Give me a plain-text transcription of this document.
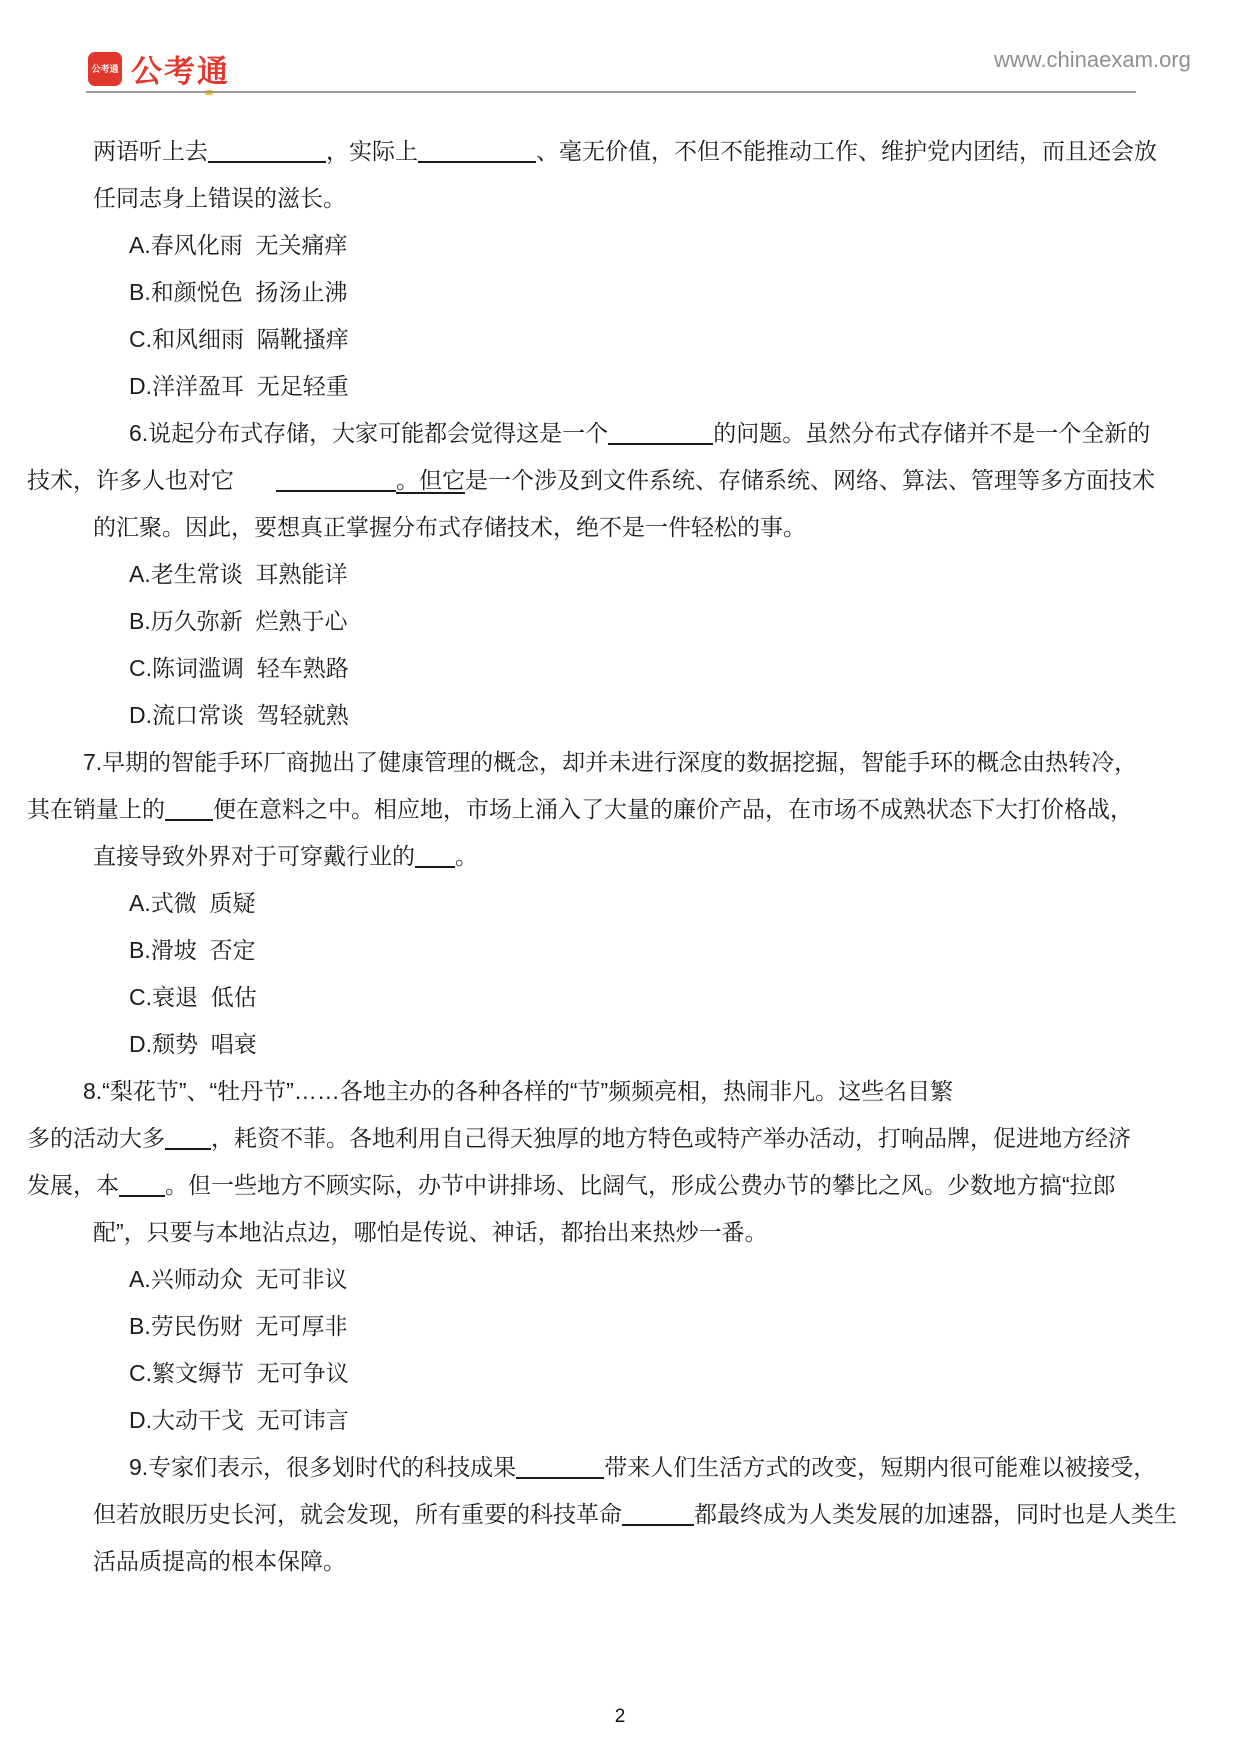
公考通 公考通	www.chinaexam.org
两语听上去	，实际上	、毫无价值，不但不能推动工作、维护党内团结，而且还会放
任同志身上错误的滋长。
A.春风化雨  无关痛痒
B.和颜悦色  扬汤止沸
C.和风细雨  隔靴搔痒
D.洋洋盈耳  无足轻重
6.说起分布式存储，大家可能都会觉得这是一个	的问题。虽然分布式存储并不是一个全新的
技术，许多人也对它	。但它是一个涉及到文件系统、存储系统、网络、算法、管理等多方面技术
的汇聚。因此，要想真正掌握分布式存储技术，绝不是一件轻松的事。
A.老生常谈  耳熟能详
B.历久弥新  烂熟于心
C.陈词滥调  轻车熟路
D.流口常谈  驾轻就熟
7.早期的智能手环厂商抛出了健康管理的概念，却并未进行深度的数据挖掘，智能手环的概念由热转冷，
其在销量上的 便在意料之中。相应地，市场上涌入了大量的廉价产品，在市场不成熟状态下大打价格战，
直接导致外界对于可穿戴行业的 。
A.式微  质疑
B.滑坡  否定
C.衰退  低估
D.颓势  唱衰
8.“梨花节”、“牡丹节”……各地主办的各种各样的“节”频频亮相，热闹非凡。这些名目繁
多的活动大多 ，耗资不菲。各地利用自己得天独厚的地方特色或特产举办活动，打响品牌，促进地方经济
发展，本 。但一些地方不顾实际，办节中讲排场、比阔气，形成公费办节的攀比之风。少数地方搞“拉郎
配”，只要与本地沾点边，哪怕是传说、神话，都抬出来热炒一番。
A.兴师动众  无可非议
B.劳民伤财  无可厚非
C.繁文缛节  无可争议
D.大动干戈  无可讳言
9.专家们表示，很多划时代的科技成果	带来人们生活方式的改变，短期内很可能难以被接受，
但若放眼历史长河，就会发现，所有重要的科技革命	都最终成为人类发展的加速器，同时也是人类生
活品质提高的根本保障。
2
